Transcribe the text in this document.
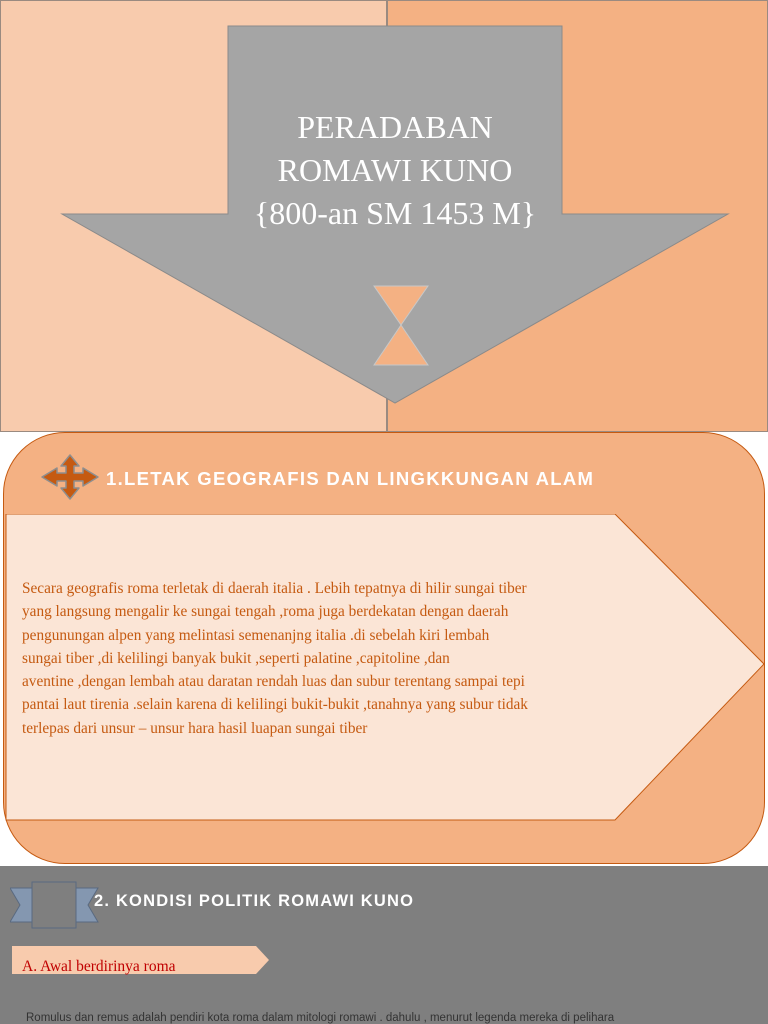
PERADABAN
ROMAWI KUNO
{800-an SM 1453 M}
1.LETAK GEOGRAFIS DAN LINGKKUNGAN ALAM
Secara geografis roma terletak di daerah italia . Lebih tepatnya di hilir sungai tiber
yang langsung mengalir ke sungai tengah ,roma juga berdekatan dengan daerah
pengunungan alpen yang melintasi semenanjng italia .di sebelah kiri lembah
sungai tiber ,di kelilingi banyak bukit ,seperti palatine ,capitoline ,dan
aventine ,dengan lembah atau daratan rendah luas dan subur terentang sampai tepi
pantai laut tirenia .selain karena di kelilingi bukit-bukit ,tanahnya yang subur tidak
terlepas dari unsur – unsur hara hasil luapan sungai tiber
2. KONDISI POLITIK ROMAWI KUNO
A. Awal berdirinya roma
Romulus dan remus adalah pendiri kota roma dalam mitologi romawi . dahulu , menurut legenda mereka di pelihara
